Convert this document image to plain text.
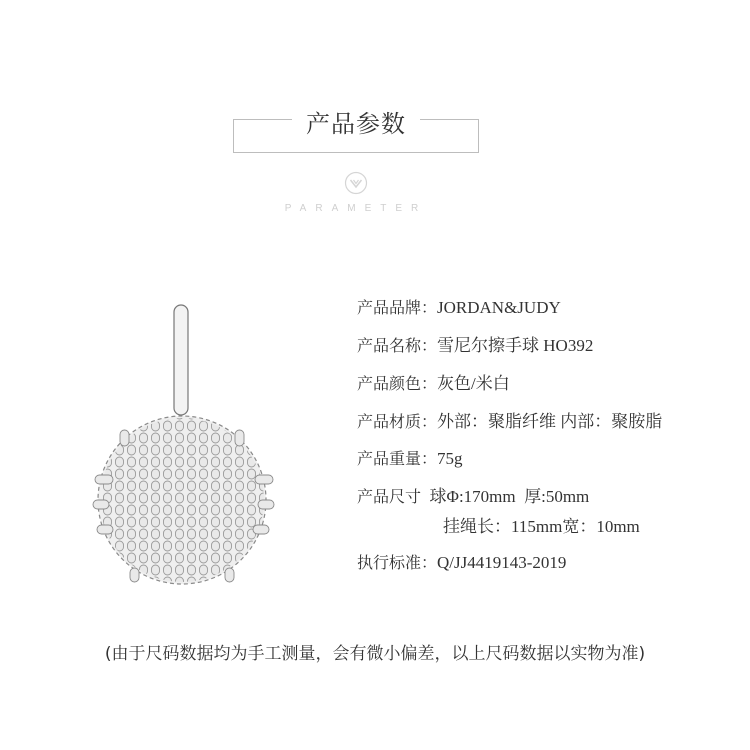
产品参数
PARAMETER
产品品牌：JORDAN&JUDY
产品名称：雪尼尔擦手球 HO392
产品颜色：灰色/米白
产品材质：外部：聚脂纤维 内部：聚胺脂
产品重量：75g
产品尺寸  球Φ:170mm  厚:50mm
挂绳长：115mm宽：10mm
执行标准：Q/JJ4419143-2019
(由于尺码数据均为手工测量，会有微小偏差，以上尺码数据以实物为准)
